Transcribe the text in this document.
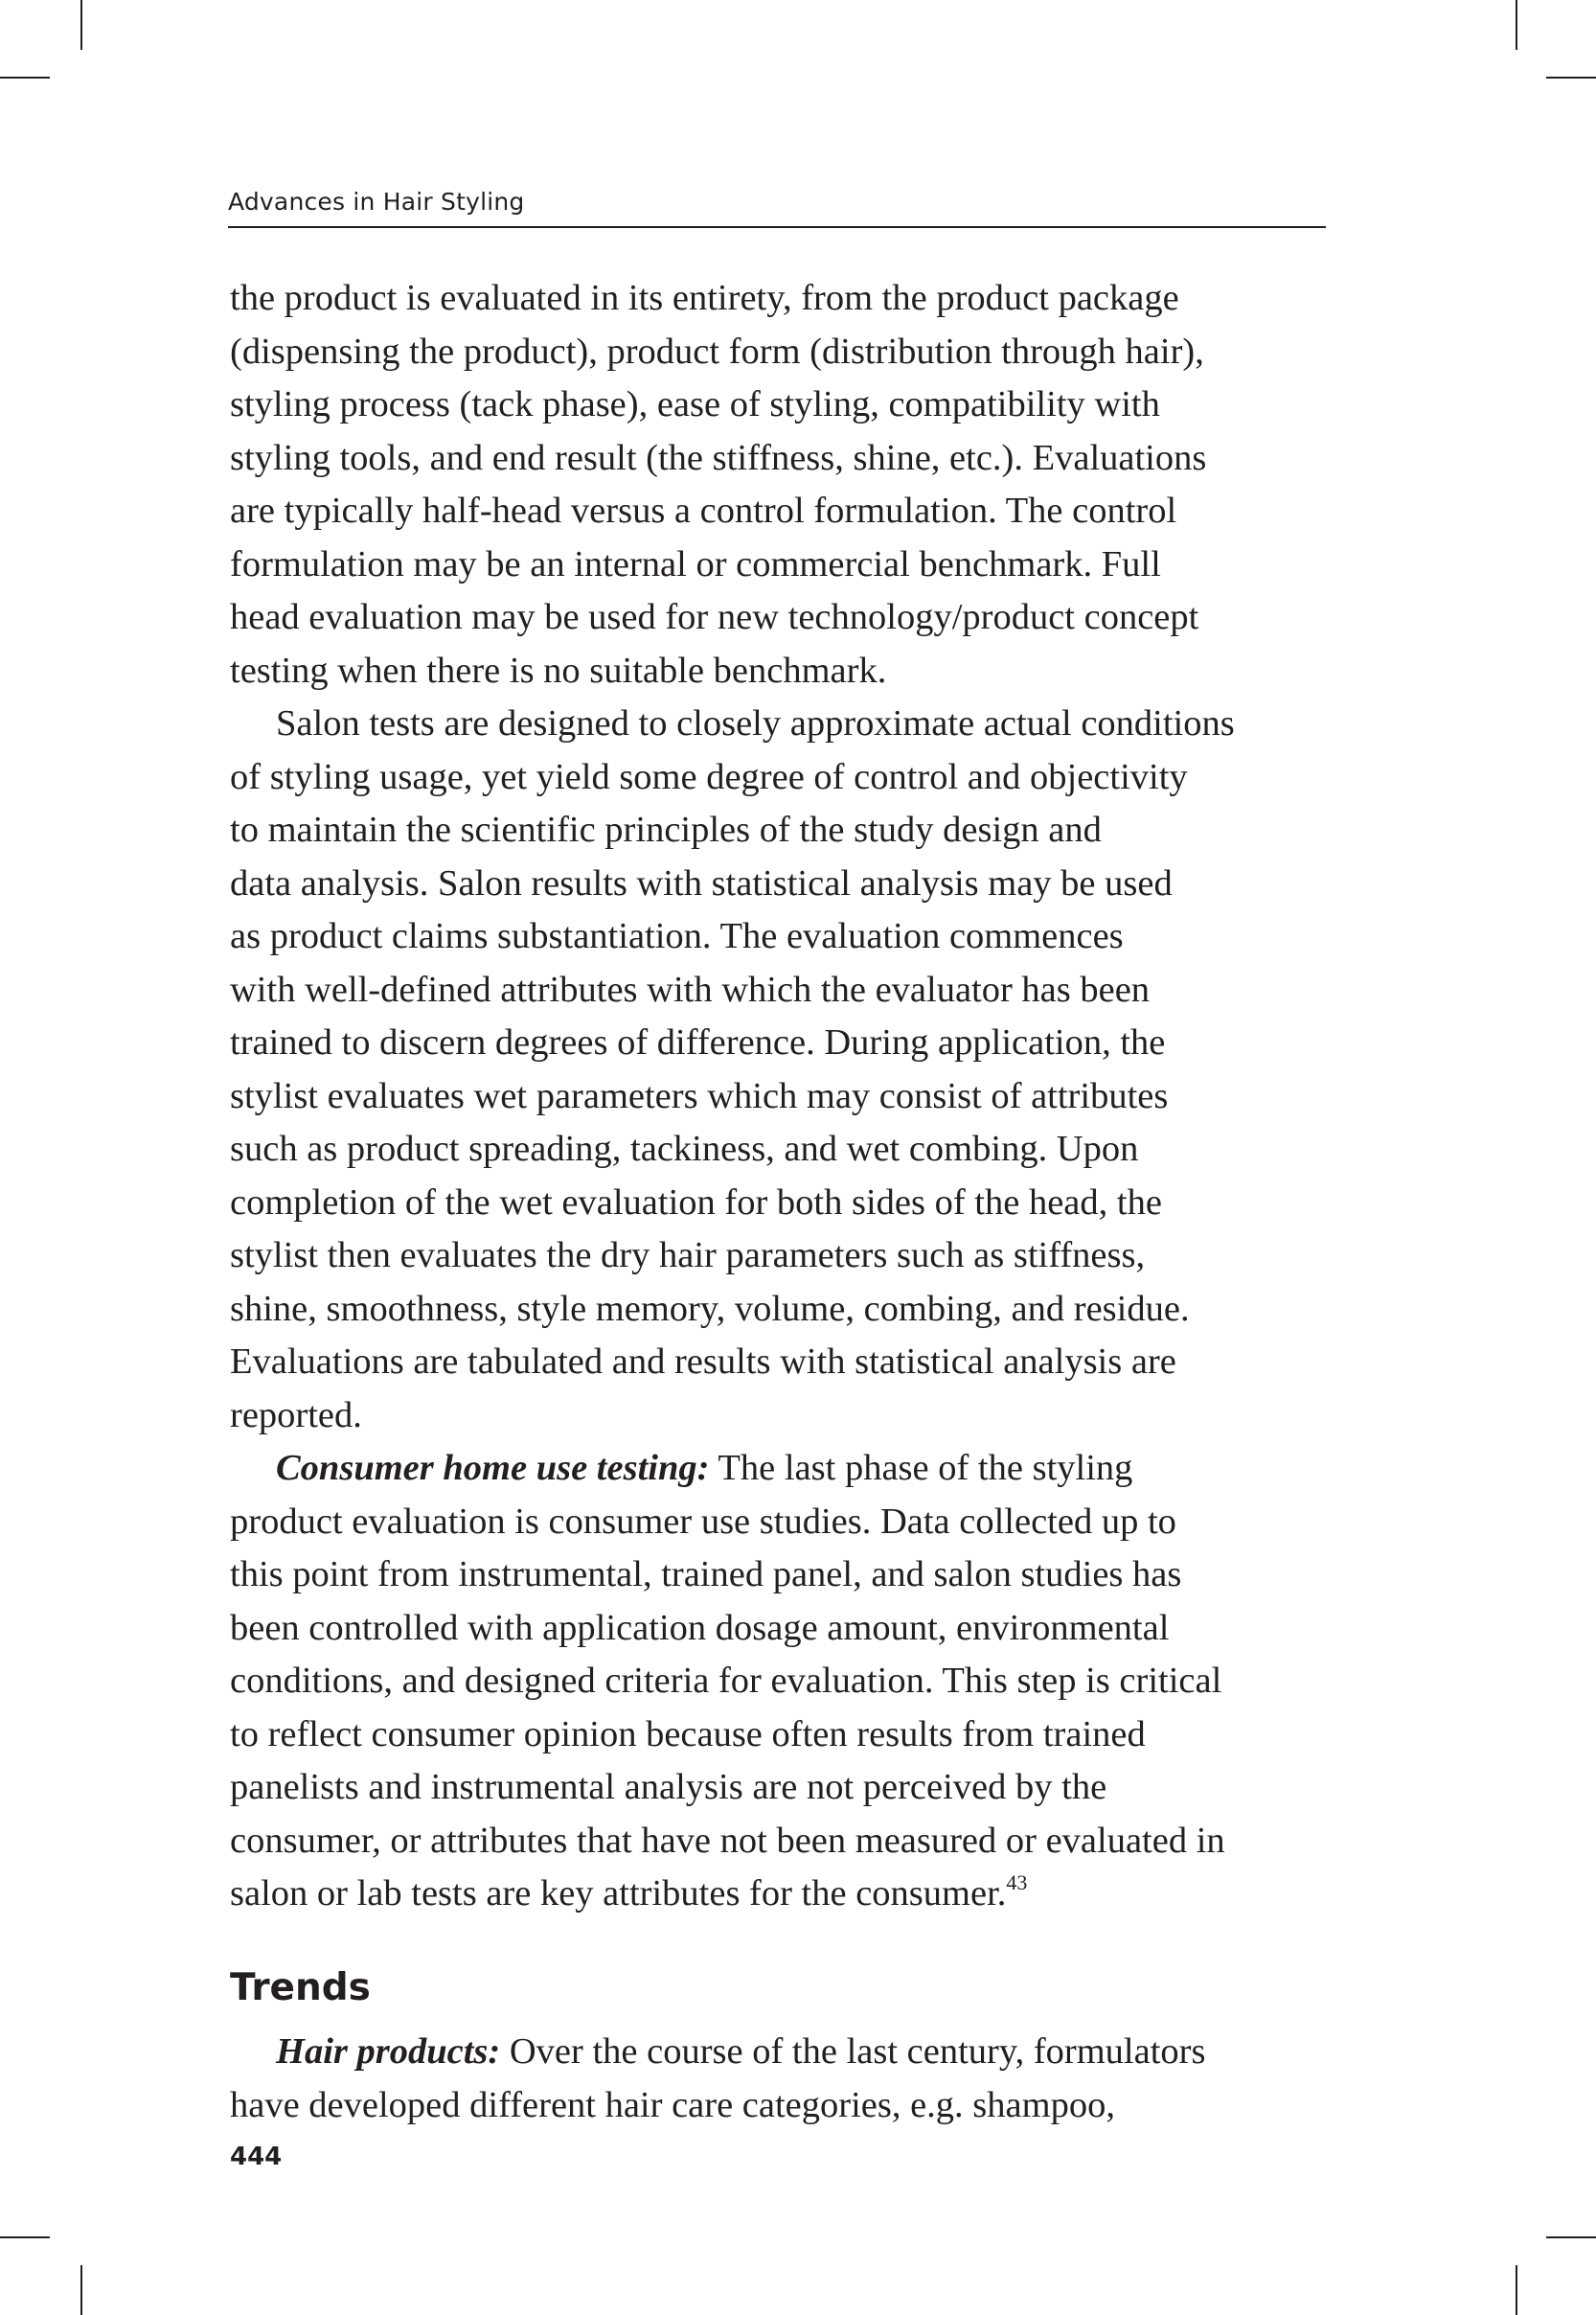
Advances in Hair Styling

the product is evaluated in its entirety, from the product package
(dispensing the product), product form (distribution through hair),
styling process (tack phase), ease of styling, compatibility with
styling tools, and end result (the stiffness, shine, etc.). Evaluations
are typically half-head versus a control formulation. The control
formulation may be an internal or commercial benchmark. Full
head evaluation may be used for new technology/product concept
testing when there is no suitable benchmark.

Salon tests are designed to closely approximate actual conditions
of styling usage, yet yield some degree of control and objectivity
to maintain the scientific principles of the study design and
data analysis. Salon results with statistical analysis may be used
as product claims substantiation. The evaluation commences
with well-defined attributes with which the evaluator has been
trained to discern degrees of difference. During application, the
stylist evaluates wet parameters which may consist of attributes
such as product spreading, tackiness, and wet combing. Upon
completion of the wet evaluation for both sides of the head, the
stylist then evaluates the dry hair parameters such as stiffness,
shine, smoothness, style memory, volume, combing, and residue.
Evaluations are tabulated and results with statistical analysis are
reported.

Consumer home use testing: The last phase of the styling
product evaluation is consumer use studies. Data collected up to
this point from instrumental, trained panel, and salon studies has
been controlled with application dosage amount, environmental
conditions, and designed criteria for evaluation. This step is critical
to reflect consumer opinion because often results from trained
panelists and instrumental analysis are not perceived by the
consumer, or attributes that have not been measured or evaluated in
salon or lab tests are key attributes for the consumer.$^{43}$

Trends

Hair products: Over the course of the last century, formulators
have developed different hair care categories, e.g. shampoo,

444
